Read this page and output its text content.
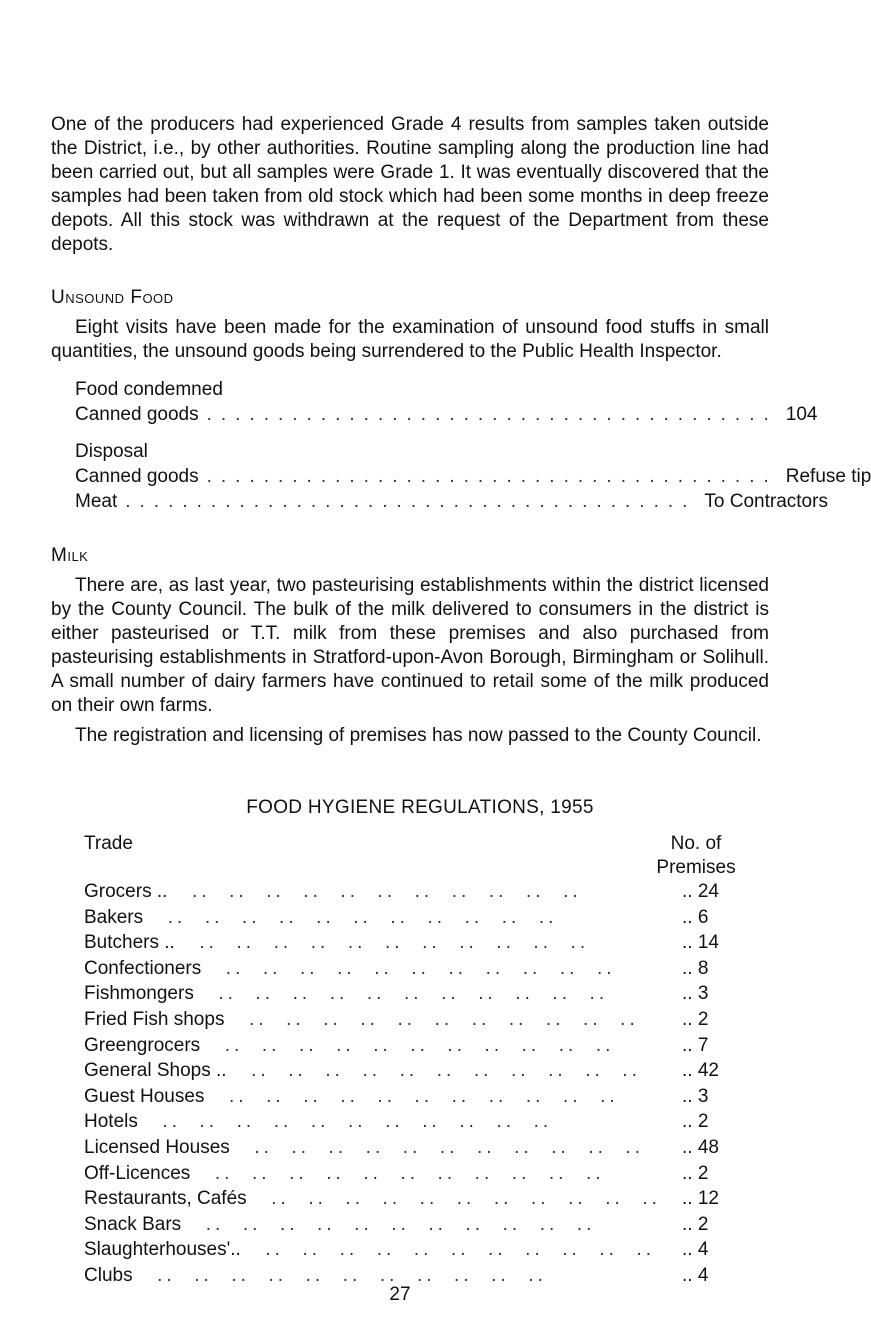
One of the producers had experienced Grade 4 results from samples taken outside the District, i.e., by other authorities. Routine sampling along the production line had been carried out, but all samples were Grade 1. It was eventually discovered that the samples had been taken from old stock which had been some months in deep freeze depots. All this stock was withdrawn at the request of the Department from these depots.

Unsound Food

Eight visits have been made for the examination of unsound food stuffs in small quantities, the unsound goods being surrendered to the Public Health Inspector.

Food condemned
Canned goods ........................................ 104
Disposal
Canned goods ........................................ Refuse tip
Meat ........................................ To Contractors
Milk

There are, as last year, two pasteurising establishments within the district licensed by the County Council. The bulk of the milk delivered to consumers in the district is either pasteurised or T.T. milk from these premises and also purchased from pasteurising establishments in Stratford-upon-Avon Borough, Birmingham or Solihull. A small number of dairy farmers have continued to retail some of the milk produced on their own farms.

The registration and licensing of premises has now passed to the County Council.

FOOD HYGIENE REGULATIONS, 1955
Trade	No. of
Premises
Grocers .. ..  ..  ..  ..  ..  ..  ..  ..  ..  ..  ..	.. 24
Bakers ..  ..  ..  ..  ..  ..  ..  ..  ..  ..  ..	.. 6
Butchers .. ..  ..  ..  ..  ..  ..  ..  ..  ..  ..  ..	.. 14
Confectioners ..  ..  ..  ..  ..  ..  ..  ..  ..  ..  ..	.. 8
Fishmongers ..  ..  ..  ..  ..  ..  ..  ..  ..  ..  ..	.. 3
Fried Fish shops ..  ..  ..  ..  ..  ..  ..  ..  ..  ..  ..	.. 2
Greengrocers ..  ..  ..  ..  ..  ..  ..  ..  ..  ..  ..	.. 7
General Shops .. ..  ..  ..  ..  ..  ..  ..  ..  ..  ..  ..	.. 42
Guest Houses ..  ..  ..  ..  ..  ..  ..  ..  ..  ..  ..	.. 3
Hotels ..  ..  ..  ..  ..  ..  ..  ..  ..  ..  ..	.. 2
Licensed Houses ..  ..  ..  ..  ..  ..  ..  ..  ..  ..  ..	.. 48
Off-Licences ..  ..  ..  ..  ..  ..  ..  ..  ..  ..  ..	.. 2
Restaurants, Cafés ..  ..  ..  ..  ..  ..  ..  ..  ..  ..  ..	.. 12
Snack Bars ..  ..  ..  ..  ..  ..  ..  ..  ..  ..  ..	.. 2
Slaughterhouses'.. ..  ..  ..  ..  ..  ..  ..  ..  ..  ..  ..	.. 4
Clubs ..  ..  ..  ..  ..  ..  ..  ..  ..  ..  ..	.. 4
27
